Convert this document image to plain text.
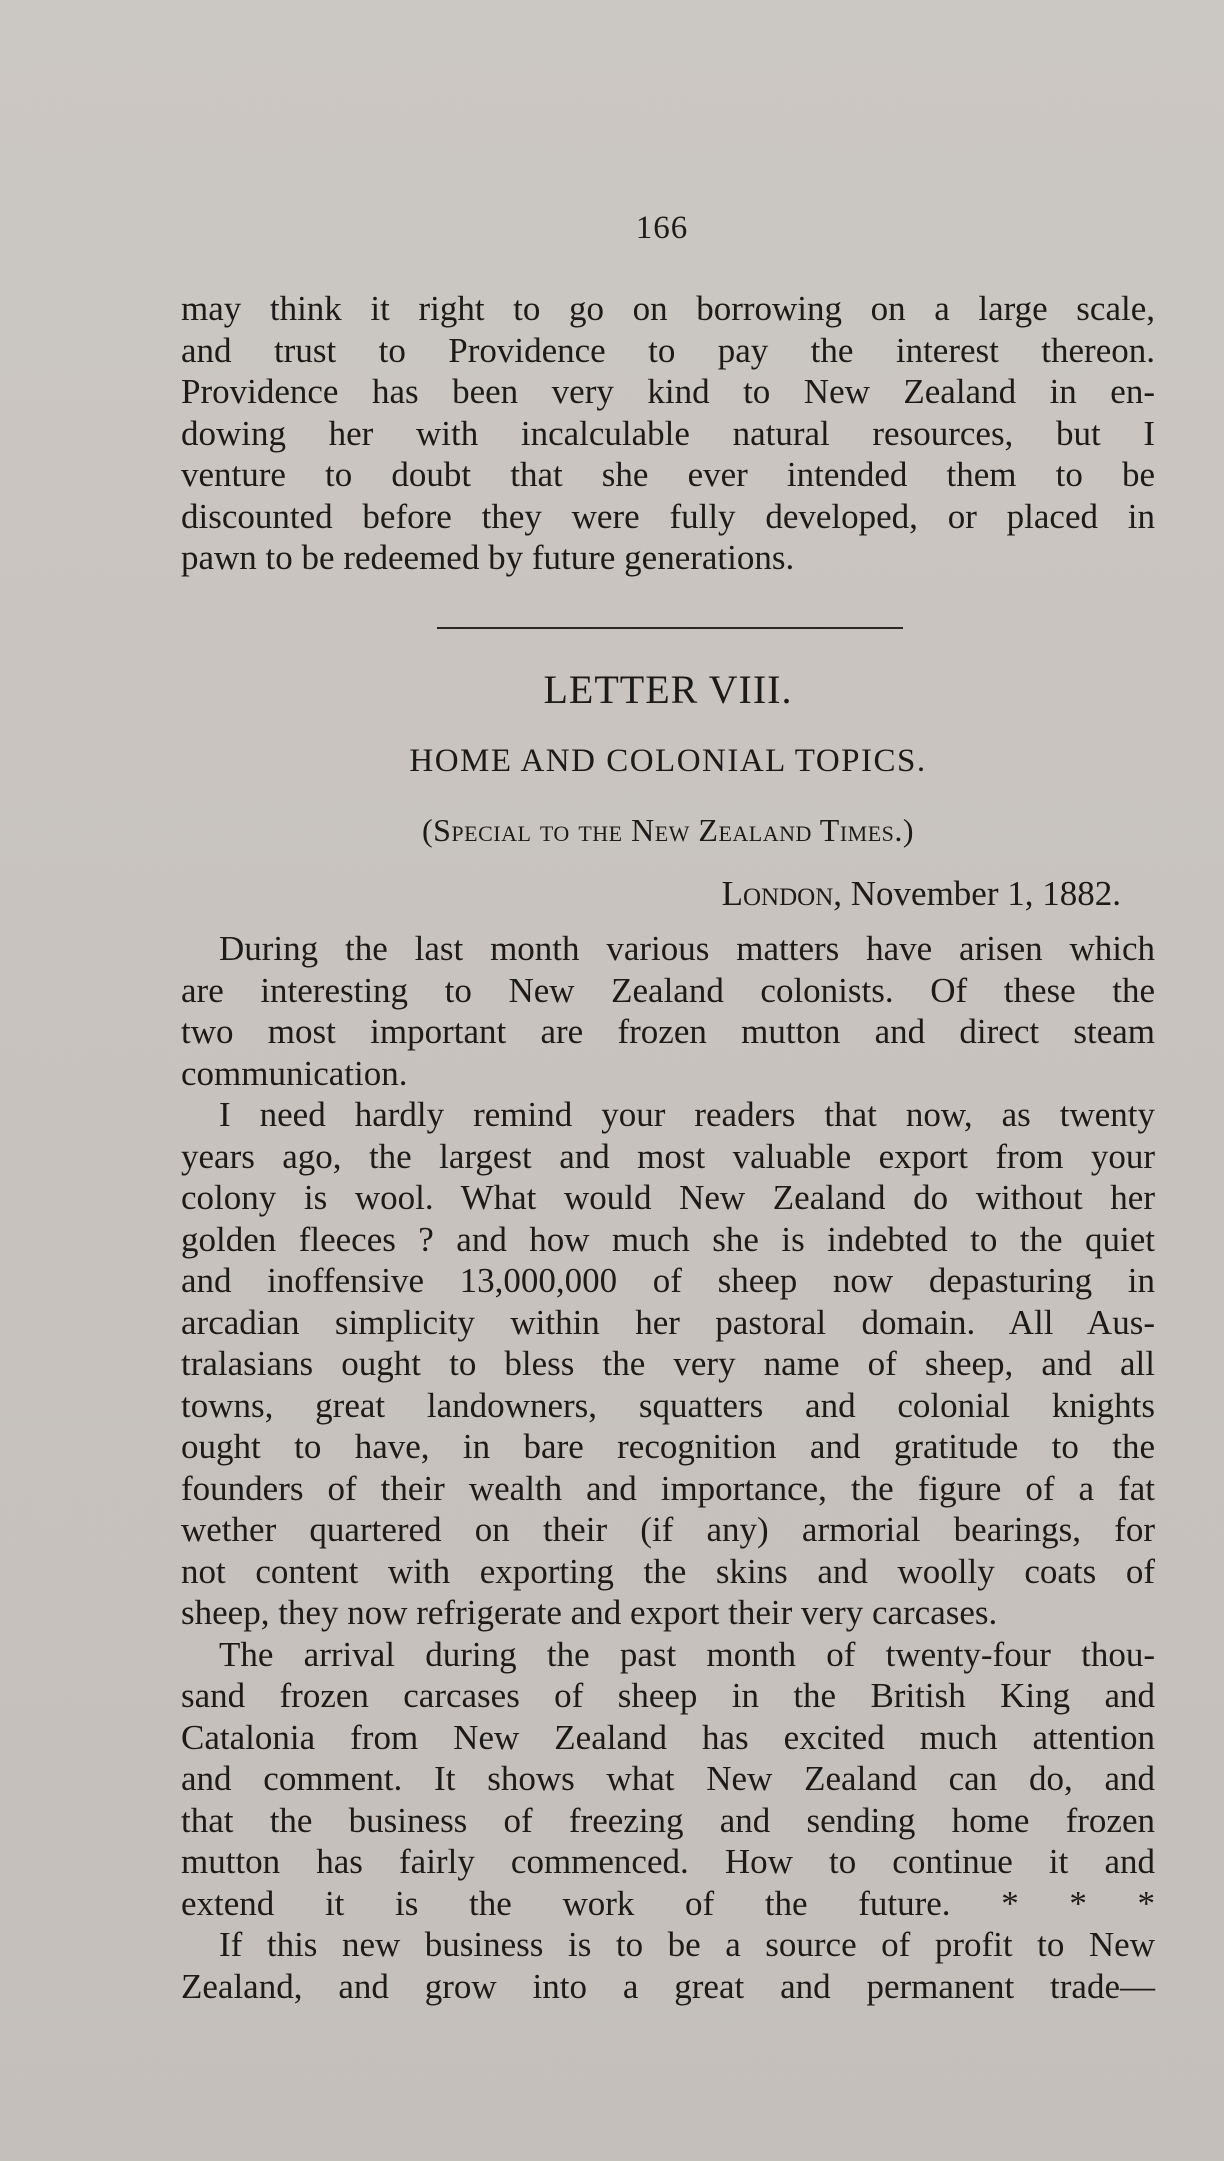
166
may think it right to go on borrowing on a large scale,
and trust to Providence to pay the interest thereon.
Providence has been very kind to New Zealand in en-
dowing her with incalculable natural resources, but I
venture to doubt that she ever intended them to be
discounted before they were fully developed, or placed in
pawn to be redeemed by future generations.
LETTER VIII.
HOME AND COLONIAL TOPICS.
(Special to the New Zealand Times.)
London, November 1, 1882.
During the last month various matters have arisen which
are interesting to New Zealand colonists. Of these the
two most important are frozen mutton and direct steam
communication.
I need hardly remind your readers that now, as twenty
years ago, the largest and most valuable export from your
colony is wool. What would New Zealand do without her
golden fleeces ? and how much she is indebted to the quiet
and inoffensive 13,000,000 of sheep now depasturing in
arcadian simplicity within her pastoral domain. All Aus-
tralasians ought to bless the very name of sheep, and all
towns, great landowners, squatters and colonial knights
ought to have, in bare recognition and gratitude to the
founders of their wealth and importance, the figure of a fat
wether quartered on their (if any) armorial bearings, for
not content with exporting the skins and woolly coats of
sheep, they now refrigerate and export their very carcases.
The arrival during the past month of twenty-four thou-
sand frozen carcases of sheep in the British King and
Catalonia from New Zealand has excited much attention
and comment. It shows what New Zealand can do, and
that the business of freezing and sending home frozen
mutton has fairly commenced. How to continue it and
extend it is the work of the future. * * *
If this new business is to be a source of profit to New
Zealand, and grow into a great and permanent trade—
